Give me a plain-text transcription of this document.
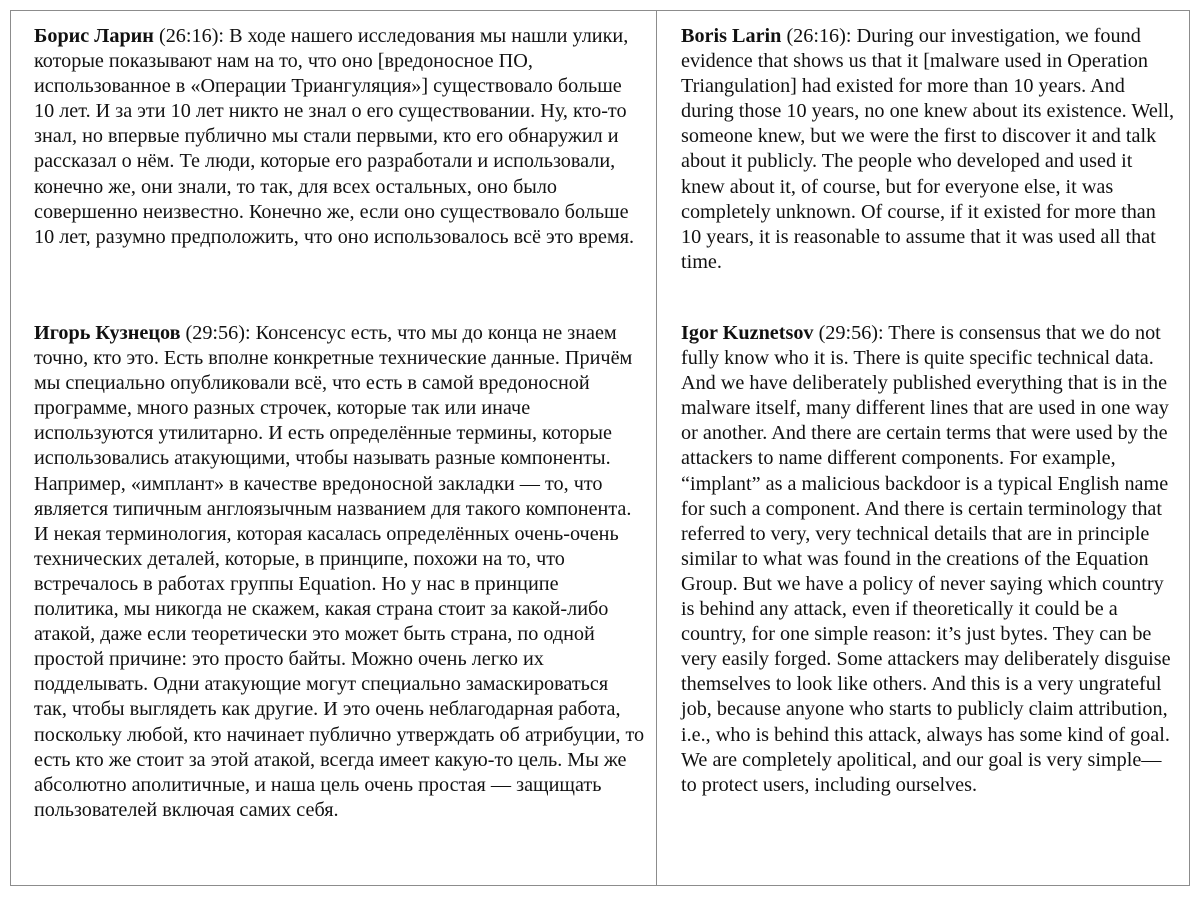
Борис Ларин (26:16): В ходе нашего исследования мы нашли улики, которые показывают нам на то, что оно [вредоносное ПО, использованное в «Операции Триангуляция»] существовало больше 10 лет. И за эти 10 лет никто не знал о его существовании. Ну, кто-то знал, но впервые публично мы стали первыми, кто его обнаружил и рассказал о нём. Те люди, которые его разработали и использовали, конечно же, они знали, то так, для всех остальных, оно было совершенно неизвестно. Конечно же, если оно существовало больше 10 лет, разумно предположить, что оно использовалось всё это время.

Boris Larin (26:16): During our investigation, we found evidence that shows us that it [malware used in Operation Triangulation] had existed for more than 10 years. And during those 10 years, no one knew about its existence. Well, someone knew, but we were the first to discover it and talk about it publicly. The people who developed and used it knew about it, of course, but for everyone else, it was completely unknown. Of course, if it existed for more than 10 years, it is reasonable to assume that it was used all that time.

Игорь Кузнецов (29:56): Консенсус есть, что мы до конца не знаем точно, кто это. Есть вполне конкретные технические данные. Причём мы специально опубликовали всё, что есть в самой вредоносной программе, много разных строчек, которые так или иначе используются утилитарно. И есть определённые термины, которые использовались атакующими, чтобы называть разные компоненты. Например, «имплант» в качестве вредоносной закладки — то, что является типичным англоязычным названием для такого компонента. И некая терминология, которая касалась определённых очень-очень технических деталей, которые, в принципе, похожи на то, что встречалось в работах группы Equation. Но у нас в принципе политика, мы никогда не скажем, какая страна стоит за какой-либо атакой, даже если теоретически это может быть страна, по одной простой причине: это просто байты. Можно очень легко их подделывать. Одни атакующие могут специально замаскироваться так, чтобы выглядеть как другие. И это очень неблагодарная работа, поскольку любой, кто начинает публично утверждать об атрибуции, то есть кто же стоит за этой атакой, всегда имеет какую-то цель. Мы же абсолютно аполитичные, и наша цель очень простая — защищать пользователей включая самих себя.

Igor Kuznetsov (29:56): There is consensus that we do not fully know who it is. There is quite specific technical data. And we have deliberately published everything that is in the malware itself, many different lines that are used in one way or another. And there are certain terms that were used by the attackers to name different components. For example, “implant” as a malicious backdoor is a typical English name for such a component. And there is certain terminology that referred to very, very technical details that are in principle similar to what was found in the creations of the Equation Group. But we have a policy of never saying which country is behind any attack, even if theoretically it could be a country, for one simple reason: it’s just bytes. They can be very easily forged. Some attackers may deliberately disguise themselves to look like others. And this is a very ungrateful job, because anyone who starts to publicly claim attribution, i.e., who is behind this attack, always has some kind of goal. We are completely apolitical, and our goal is very simple—to protect users, including ourselves.
